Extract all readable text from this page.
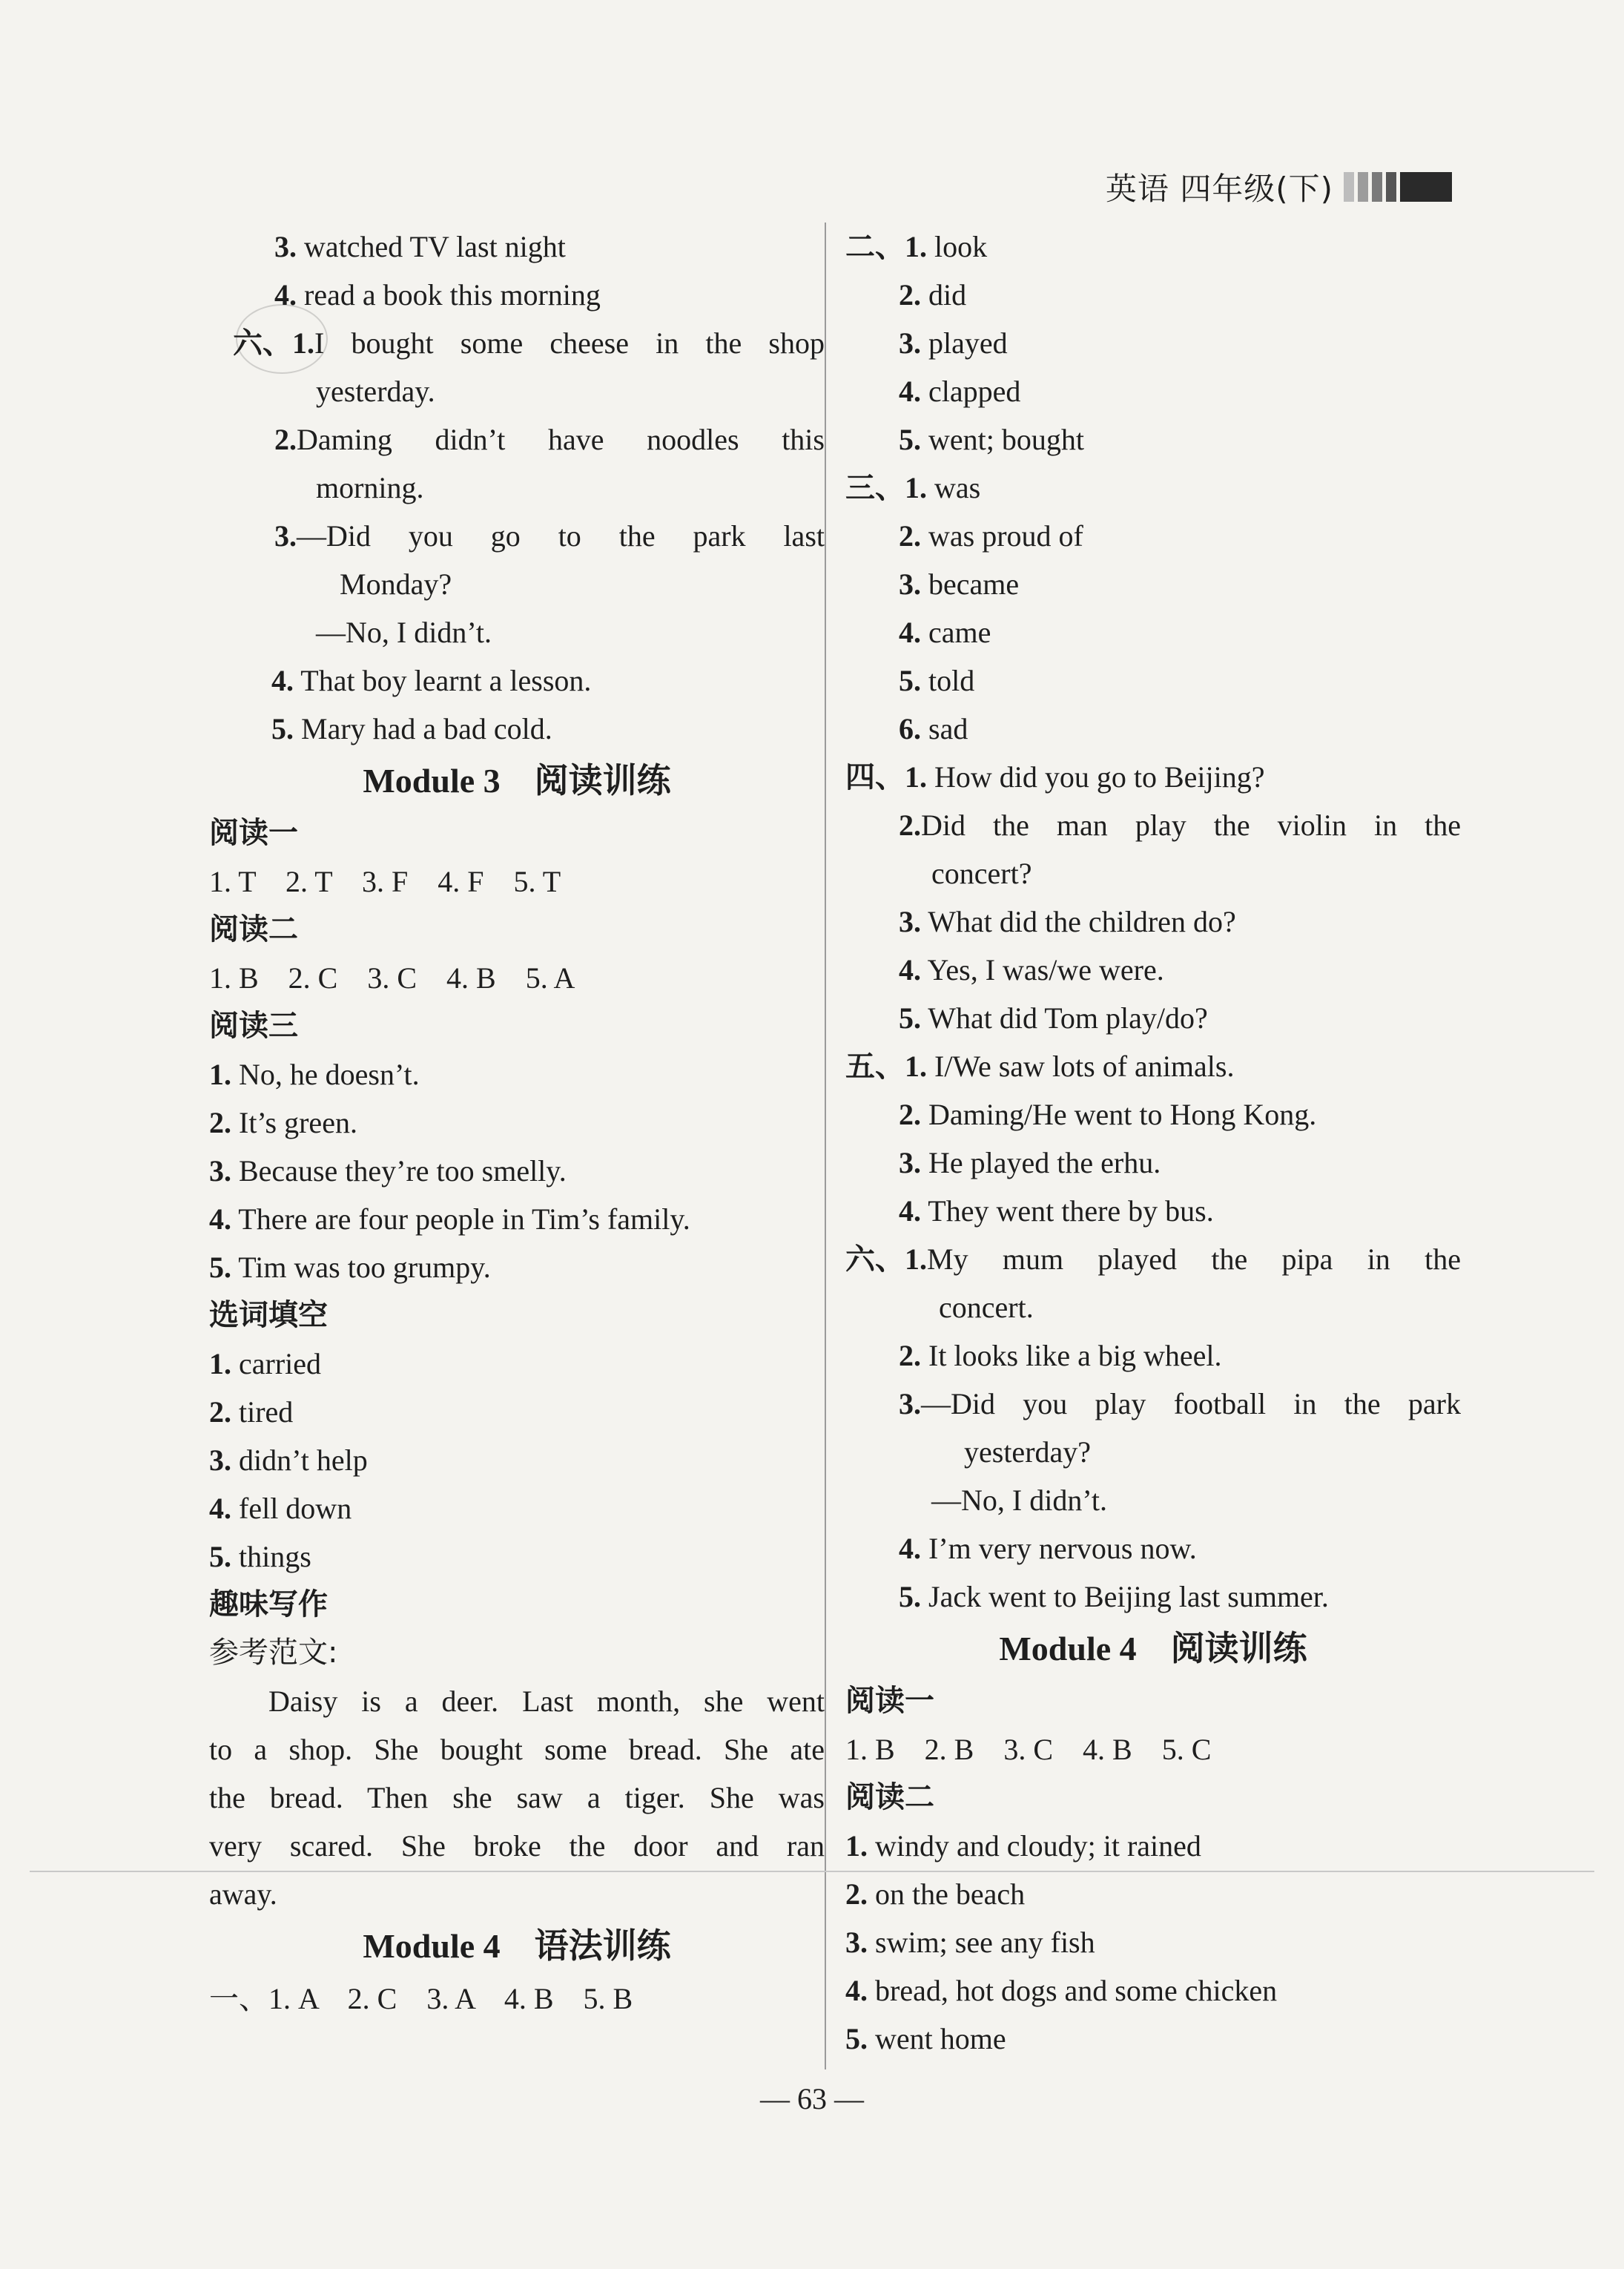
英语 四年级(下)
3. watched TV last night
4. read a book this morning
六、1. I bought some cheese in the shop
yesterday.
2. Daming didn’t have noodles this
morning.
3. —Did you go to the park last
Monday?
—No, I didn’t.
4. That boy learnt a lesson.
5. Mary had a bad cold.
Module 3　阅读训练
阅读一
1. T　2. T　3. F　4. F　5. T
阅读二
1. B　2. C　3. C　4. B　5. A
阅读三
1. No, he doesn’t.
2. It’s green.
3. Because they’re too smelly.
4. There are four people in Tim’s family.
5. Tim was too grumpy.
选词填空
1. carried
2. tired
3. didn’t help
4. fell down
5. things
趣味写作
参考范文:
Daisy is a deer. Last month, she went
to a shop. She bought some bread. She ate
the bread. Then she saw a tiger. She was
very scared. She broke the door and ran
away.
Module 4　语法训练
一、1. A　2. C　3. A　4. B　5. B
二、1. look
2. did
3. played
4. clapped
5. went; bought
三、1. was
2. was proud of
3. became
4. came
5. told
6. sad
四、1. How did you go to Beijing?
2. Did the man play the violin in the
concert?
3. What did the children do?
4. Yes, I was/we were.
5. What did Tom play/do?
五、1. I/We saw lots of animals.
2. Daming/He went to Hong Kong.
3. He played the erhu.
4. They went there by bus.
六、1. My mum played the pipa in the
concert.
2. It looks like a big wheel.
3. —Did you play football in the park
yesterday?
—No, I didn’t.
4. I’m very nervous now.
5. Jack went to Beijing last summer.
Module 4　阅读训练
阅读一
1. B　2. B　3. C　4. B　5. C
阅读二
1. windy and cloudy; it rained
2. on the beach
3. swim; see any fish
4. bread, hot dogs and some chicken
5. went home
— 63 —
